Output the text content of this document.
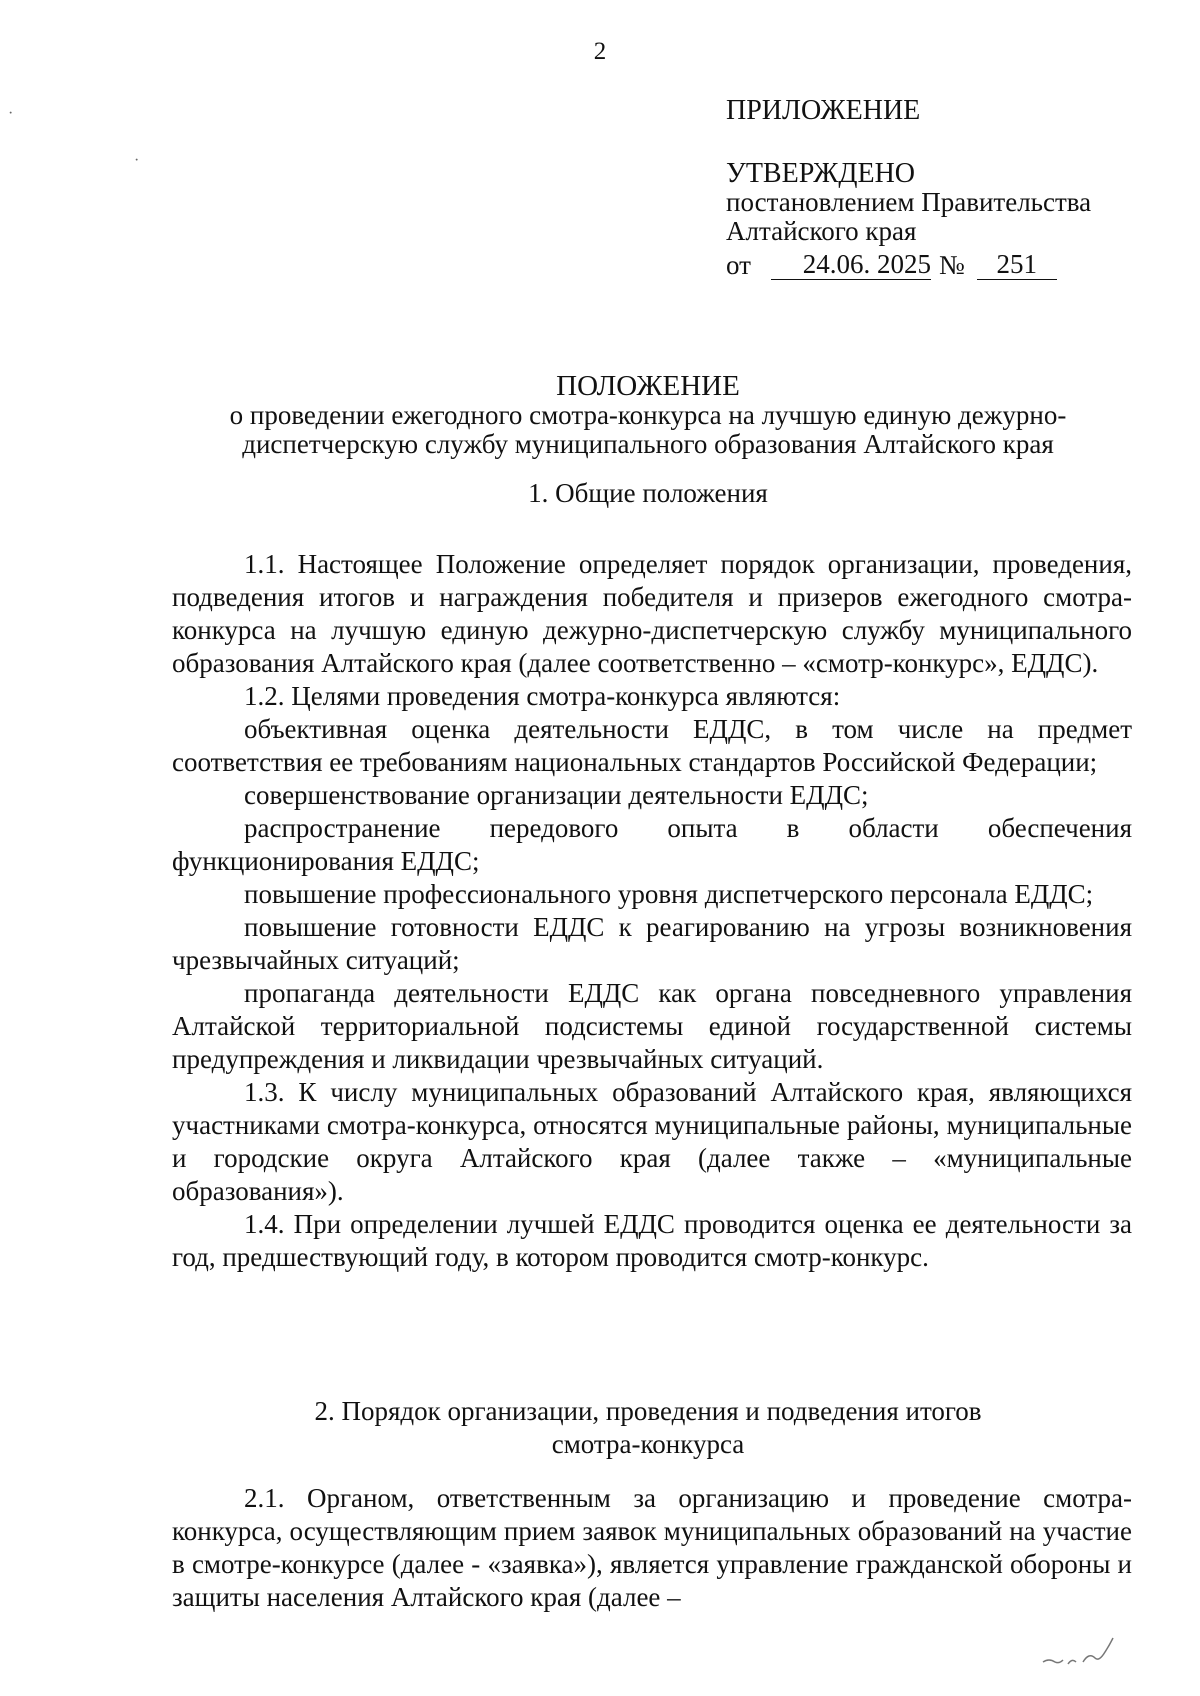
2
ПРИЛОЖЕНИЕ
УТВЕРЖДЕНО
постановлением Правительства
Алтайского края
от	24.06. 2025 №	251
ПОЛОЖЕНИЕ
о проведении ежегодного смотра-конкурса на лучшую единую дежурно-
диспетчерскую службу муниципального образования Алтайского края
1. Общие положения

1.1. Настоящее Положение определяет порядок организации, проведения, подведения итогов и награждения победителя и призеров ежегодного смотра-конкурса на лучшую единую дежурно-диспетчерскую службу муниципального образования Алтайского края (далее соответственно – «смотр-конкурс», ЕДДС).

1.2. Целями проведения смотра-конкурса являются:

объективная оценка деятельности ЕДДС, в том числе на предмет соответствия ее требованиям национальных стандартов Российской Федерации;

совершенствование организации деятельности ЕДДС;

распространение передового опыта в области обеспечения функционирования ЕДДС;

повышение профессионального уровня диспетчерского персонала ЕДДС;

повышение готовности ЕДДС к реагированию на угрозы возникновения чрезвычайных ситуаций;

пропаганда деятельности ЕДДС как органа повседневного управления Алтайской территориальной подсистемы единой государственной системы предупреждения и ликвидации чрезвычайных ситуаций.

1.3. К числу муниципальных образований Алтайского края, являющихся участниками смотра-конкурса, относятся муниципальные районы, муниципальные и городские округа Алтайского края (далее также – «муниципальные образования»).

1.4. При определении лучшей ЕДДС проводится оценка ее деятельности за год, предшествующий году, в котором проводится смотр-конкурс.

2. Порядок организации, проведения и подведения итогов
смотра-конкурса

2.1. Органом, ответственным за организацию и проведение смотра-конкурса, осуществляющим прием заявок муниципальных образований на участие в смотре-конкурсе (далее - «заявка»), является управление гражданской обороны и защиты населения Алтайского края (далее –

·
·
